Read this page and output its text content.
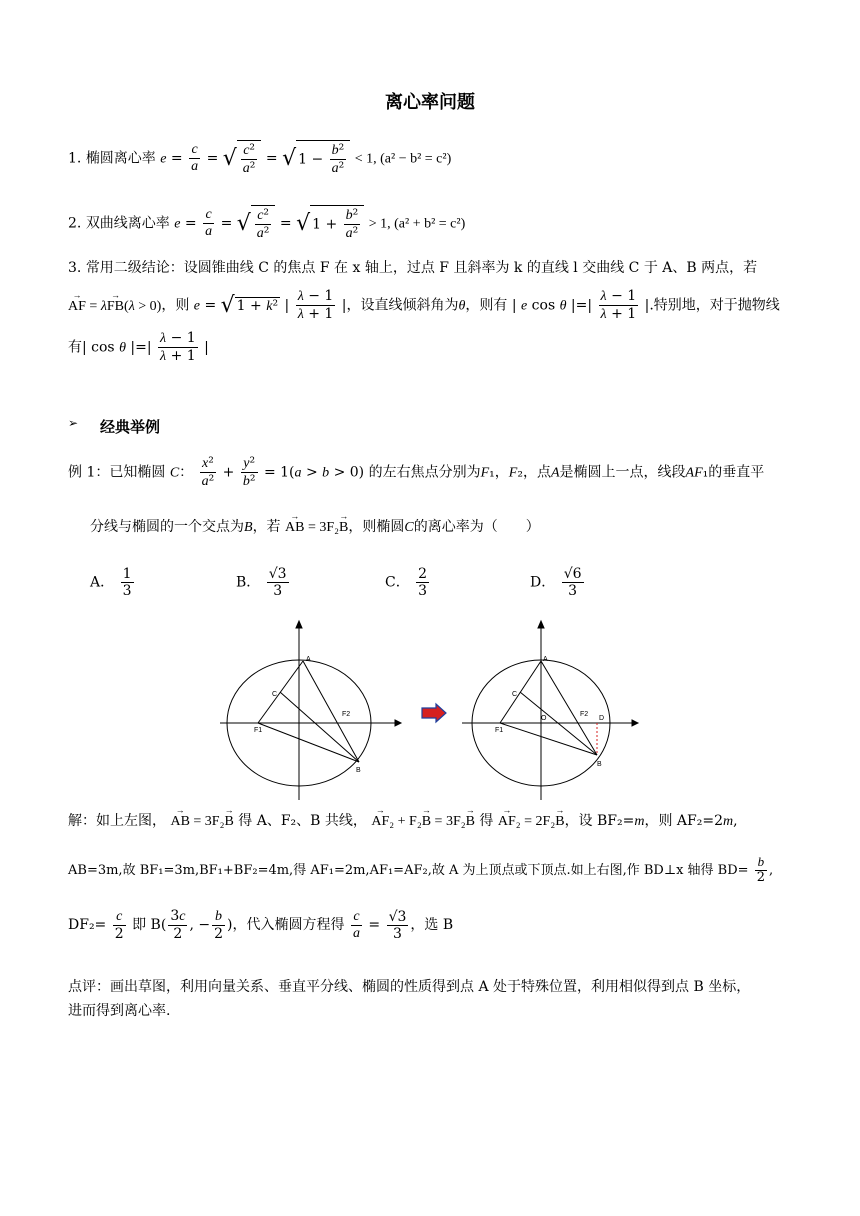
离心率问题
1. 椭圆离心率 $e = \frac{c}{a}$ = √ $\frac{\text{c²}}{\text{a²}}$ = √ $1 - \frac{\text{b²}}{\text{a²}} < 1$, (a² − b² = c²)
2. 双曲线离心率 $e = \frac{c}{a}$ = √ $\frac{\text{c²}}{\text{a²}}$ = √ $1 + \frac{\text{b²}}{\text{a²}} > 1$, (a² + b² = c²)
3. 常用二级结论：设圆锥曲线 C 的焦点 F 在 x 轴上，过点 F 且斜率为 k 的直线 l 交曲线 C 于 A、B 两点，若
→ AF = λ→ FB(λ > 0)，则 e = √ 1 + k² | $\frac{\lambda - 1}{\lambda + 1}$ |，设直线倾斜角为θ，则有 | e cos θ |=| $\frac{\lambda - 1}{\lambda + 1}$ |.特别地，对于抛物线
有| cos θ |=| $\frac{\lambda - 1}{\lambda + 1}$ |
➢ 经典举例
例 1：已知椭圆 C： $\frac{\text{x²}}{\text{a²}} + \frac{\text{y²}}{\text{b²}} = 1(a > b > 0)$ 的左右焦点分别为F₁，F₂，点A是椭圆上一点，线段AF₁的垂直平
分线与椭圆的一个交点为B，若 → AB = 3F₂→ B，则椭圆C的离心率为（　　）
A． $\frac{1}{3}$	B． $\frac{√3}{3}$	C． $\frac{2}{3}$	D． $\frac{√6}{3}$
A
C
F2
F1
B
A
C
O
F2
D
F1
B
解：如上左图， → AB = 3F₂→ B 得 A、F₂、B 共线， → AF₂ + F₂→ B = 3F₂→ B 得 → AF₂ = 2F₂→ B，设 BF₂=m，则 AF₂=2m,
AB=3m,故 BF₁=3m,BF₁+BF₂=4m,得 AF₁=2m,AF₁=AF₂,故 A 为上顶点或下顶点.如上右图,作 BD⊥x 轴得 $BD= \frac{b}{2}$ ,
$DF_2= \frac{c}{2}$ 即 $B( \frac{3c}{2}$ , − $\frac{b}{2}$ )，代入椭圆方程得 $\frac{c}{a} = \frac{√3}{3}$ ，选 B
点评：画出草图，利用向量关系、垂直平分线、椭圆的性质得到点 A 处于特殊位置，利用相似得到点 B 坐标，
进而得到离心率.
